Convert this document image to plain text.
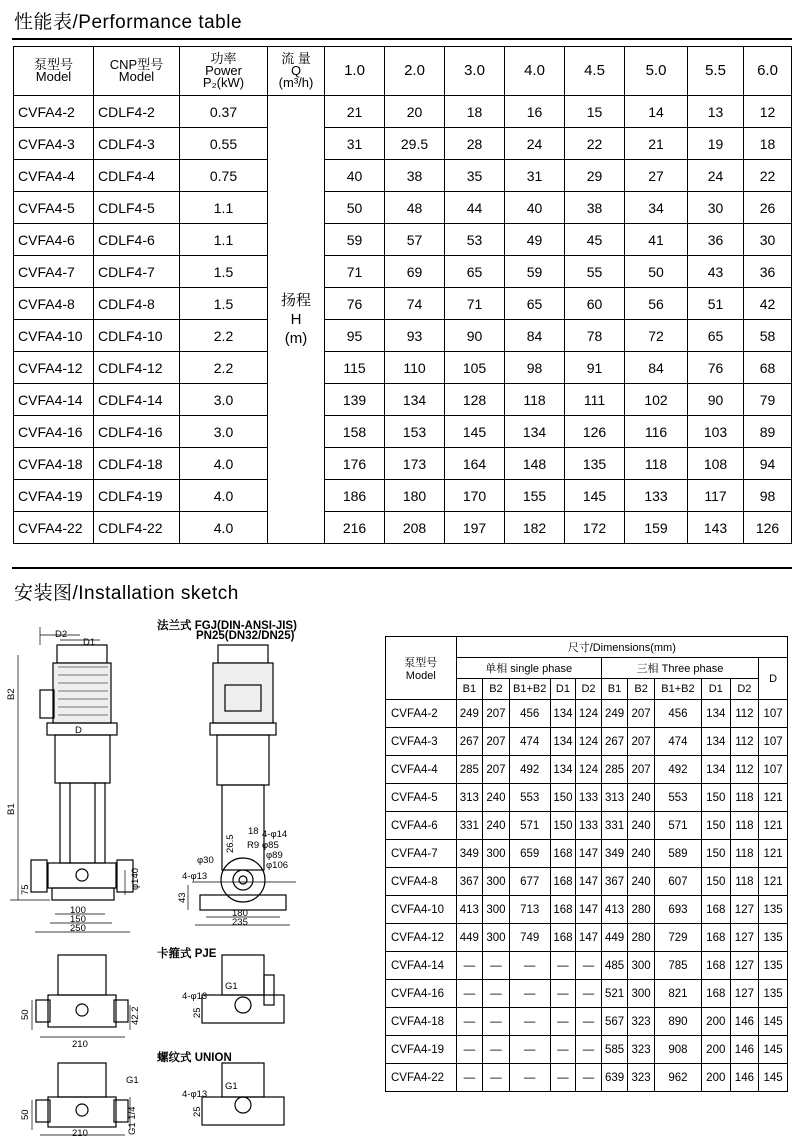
性能表/Performance table
泵型号
Model	CNP型号
Model	功率
Power
P₂(kW)	流 量
Q
(m³/h)	1.0	2.0	3.0	4.0	4.5	5.0	5.5	6.0
CVFA4-2	CDLF4-2	0.37	扬程
H
(m)	21	20	18	16	15	14	13	12
CVFA4-3	CDLF4-3	0.55		31	29.5	28	24	22	21	19	18
CVFA4-4	CDLF4-4	0.75		40	38	35	31	29	27	24	22
CVFA4-5	CDLF4-5	1.1		50	48	44	40	38	34	30	26
CVFA4-6	CDLF4-6	1.1		59	57	53	49	45	41	36	30
CVFA4-7	CDLF4-7	1.5		71	69	65	59	55	50	43	36
CVFA4-8	CDLF4-8	1.5		76	74	71	65	60	56	51	42
CVFA4-10	CDLF4-10	2.2		95	93	90	84	78	72	65	58
CVFA4-12	CDLF4-12	2.2		115	110	105	98	91	84	76	68
CVFA4-14	CDLF4-14	3.0		139	134	128	118	111	102	90	79
CVFA4-16	CDLF4-16	3.0		158	153	145	134	126	116	103	89
CVFA4-18	CDLF4-18	4.0		176	173	164	148	135	118	108	94
CVFA4-19	CDLF4-19	4.0		186	180	170	155	145	133	117	98
CVFA4-22	CDLF4-22	4.0		216	208	197	182	172	159	143	126
安装图/Installation sketch
法兰式 FGJ(DIN-ANSI-JIS)
PN25(DN32/DN25)
卡箍式 PJE
螺纹式 UNION
D2
D1
D
B2
B1
75	φ140
100
150
250
18 4-φ14
26.5 R9 φ85
φ30	φ89
φ106
4-φ13
43
180
235
50
210
42.2
G1
4-φ13
25
50
210
G1
G1 1/4
G1
4-φ13
25
泵型号
Model	尺寸/Dimensions(mm)										
	单相 single phase					三相 Three phase					D
	B1	B2	B1+B2	D1	D2	B1	B2	B1+B2	D1	D2	
CVFA4-2	249	207	456	134	124	249	207	456	134	112	107
CVFA4-3	267	207	474	134	124	267	207	474	134	112	107
CVFA4-4	285	207	492	134	124	285	207	492	134	112	107
CVFA4-5	313	240	553	150	133	313	240	553	150	118	121
CVFA4-6	331	240	571	150	133	331	240	571	150	118	121
CVFA4-7	349	300	659	168	147	349	240	589	150	118	121
CVFA4-8	367	300	677	168	147	367	240	607	150	118	121
CVFA4-10	413	300	713	168	147	413	280	693	168	127	135
CVFA4-12	449	300	749	168	147	449	280	729	168	127	135
CVFA4-14	—	—	—	—	—	485	300	785	168	127	135
CVFA4-16	—	—	—	—	—	521	300	821	168	127	135
CVFA4-18	—	—	—	—	—	567	323	890	200	146	145
CVFA4-19	—	—	—	—	—	585	323	908	200	146	145
CVFA4-22	—	—	—	—	—	639	323	962	200	146	145
